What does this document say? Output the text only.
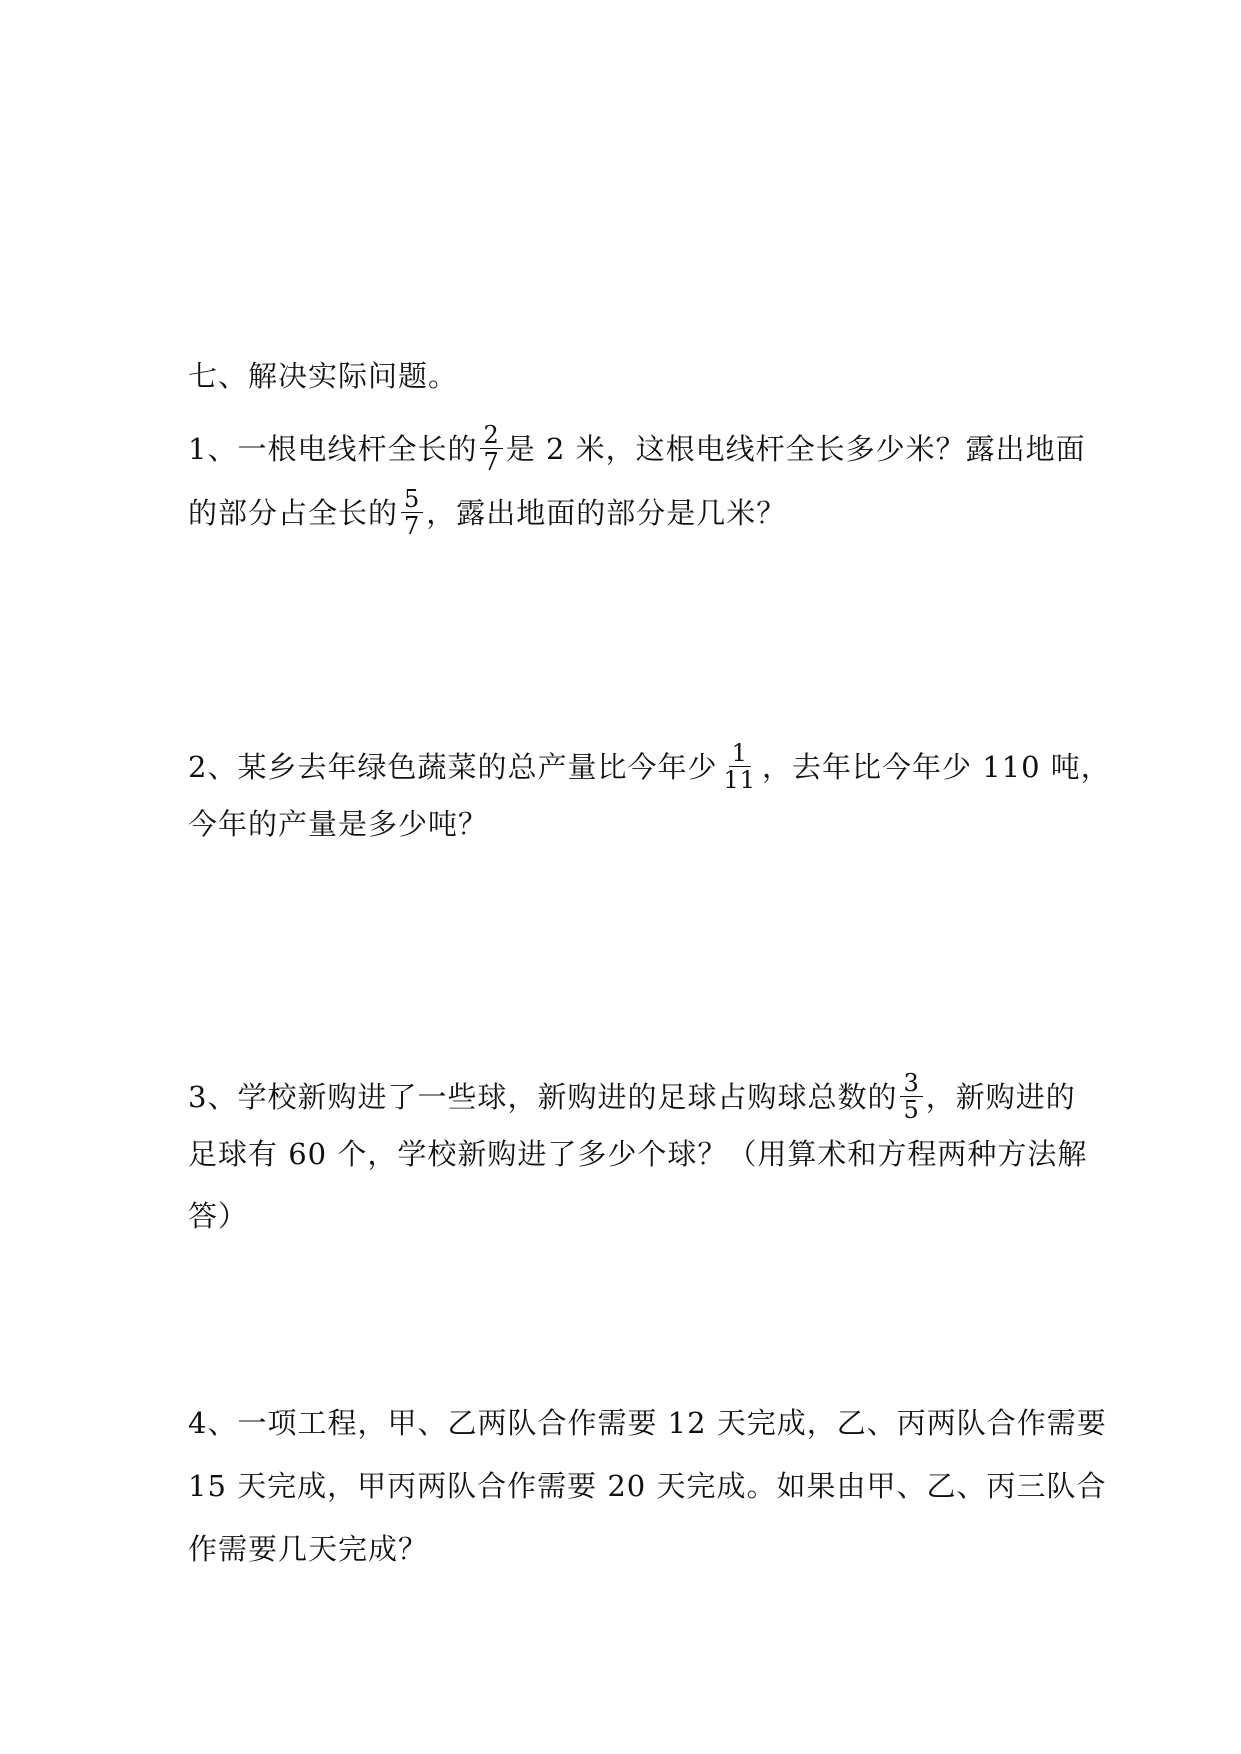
七、解决实际问题。
1、一根电线杆全长的 $\frac{2}{7}$ 是 2 米，这根电线杆全长多少米？露出地面
的部分占全长的 $\frac{5}{7}$ ，露出地面的部分是几米？
2、某乡去年绿色蔬菜的总产量比今年少 $\frac{1}{11}$ ，去年比今年少 110 吨，
今年的产量是多少吨？
3、学校新购进了一些球，新购进的足球占购球总数的 $\frac{3}{5}$ ，新购进的
足球有 60 个，学校新购进了多少个球？（用算术和方程两种方法解
答）
4、一项工程，甲、乙两队合作需要 12 天完成，乙、丙两队合作需要
15 天完成，甲丙两队合作需要 20 天完成。如果由甲、乙、丙三队合
作需要几天完成？
